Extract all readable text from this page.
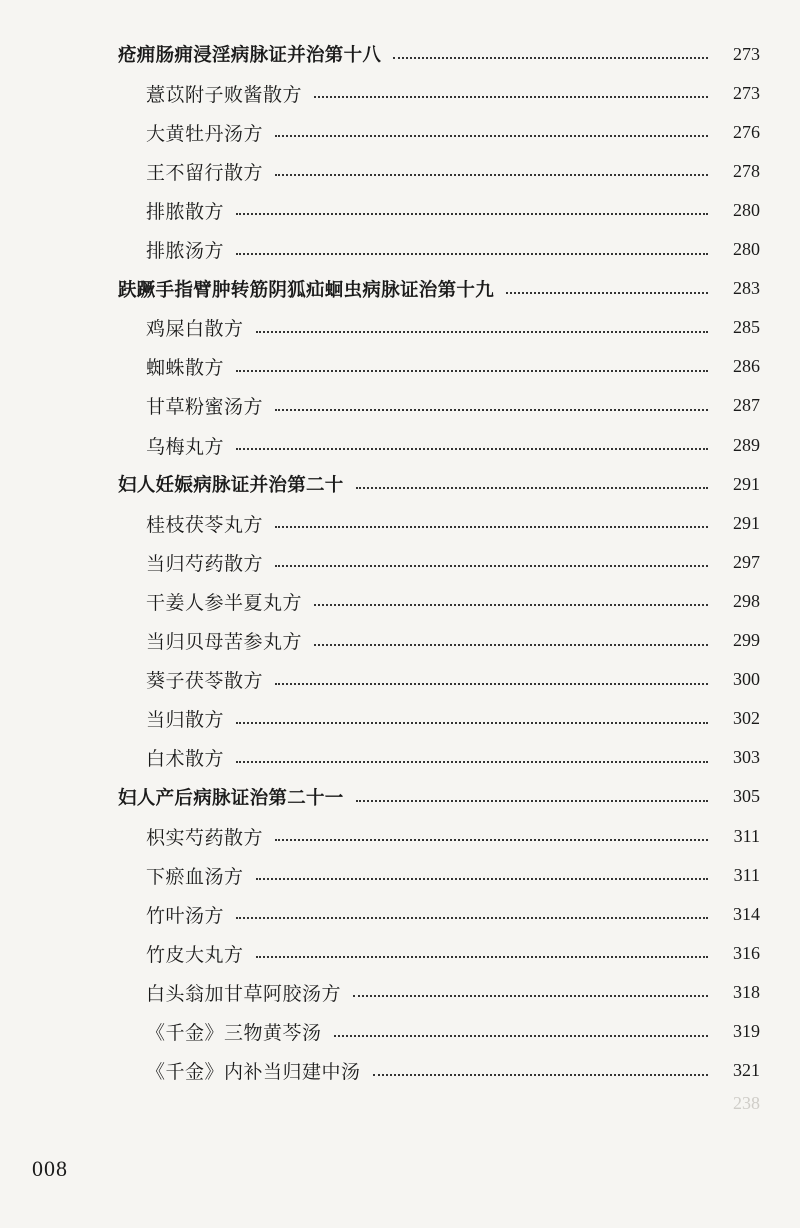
疮痈肠痈浸淫病脉证并治第十八	273
薏苡附子败酱散方	273
大黄牡丹汤方	276
王不留行散方	278
排脓散方	280
排脓汤方	280
趺蹶手指臂肿转筋阴狐疝蛔虫病脉证治第十九	283
鸡屎白散方	285
蜘蛛散方	286
甘草粉蜜汤方	287
乌梅丸方	289
妇人妊娠病脉证并治第二十	291
桂枝茯苓丸方	291
当归芍药散方	297
干姜人参半夏丸方	298
当归贝母苦参丸方	299
葵子茯苓散方	300
当归散方	302
白术散方	303
妇人产后病脉证治第二十一	305
枳实芍药散方	311
下瘀血汤方	311
竹叶汤方	314
竹皮大丸方	316
白头翁加甘草阿胶汤方	318
《千金》三物黄芩汤	319
《千金》内补当归建中汤	321
238
008
